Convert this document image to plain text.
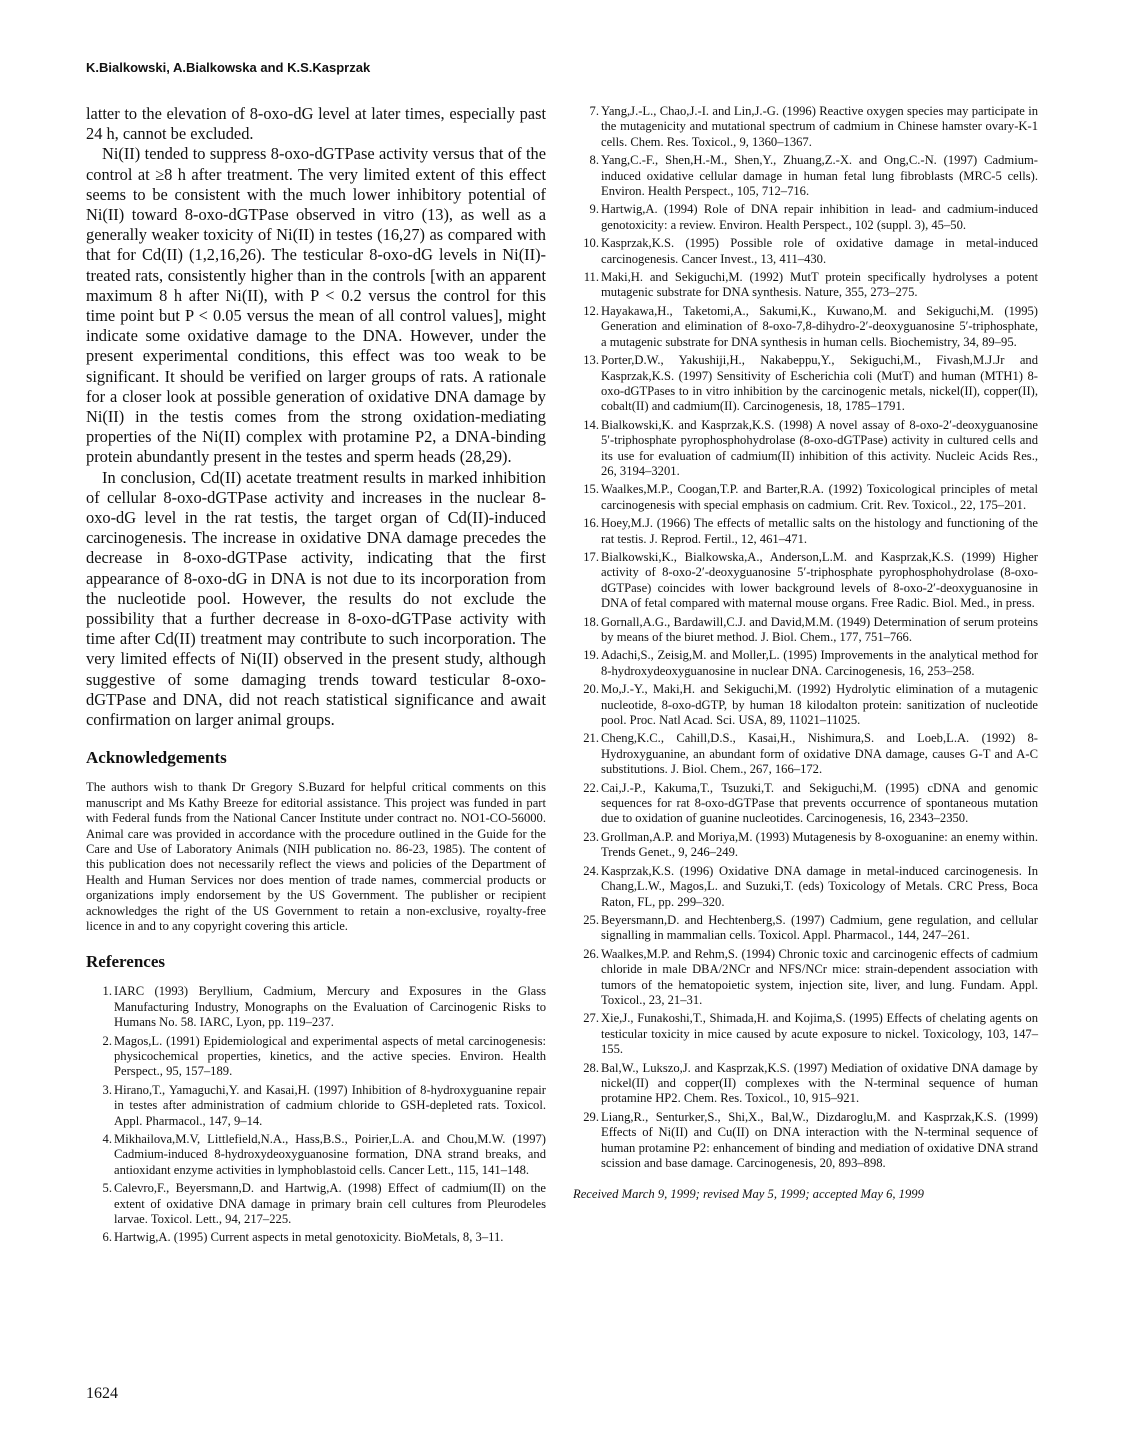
K.Bialkowski, A.Bialkowska and K.S.Kasprzak

latter to the elevation of 8-oxo-dG level at later times, especially past 24 h, cannot be excluded.

Ni(II) tended to suppress 8-oxo-dGTPase activity versus that of the control at ≥8 h after treatment. The very limited extent of this effect seems to be consistent with the much lower inhibitory potential of Ni(II) toward 8-oxo-dGTPase observed in vitro (13), as well as a generally weaker toxicity of Ni(II) in testes (16,27) as compared with that for Cd(II) (1,2,16,26). The testicular 8-oxo-dG levels in Ni(II)-treated rats, consistently higher than in the controls [with an apparent maximum 8 h after Ni(II), with P < 0.2 versus the control for this time point but P < 0.05 versus the mean of all control values], might indicate some oxidative damage to the DNA. However, under the present experimental conditions, this effect was too weak to be significant. It should be verified on larger groups of rats. A rationale for a closer look at possible generation of oxidative DNA damage by Ni(II) in the testis comes from the strong oxidation-mediating properties of the Ni(II) complex with protamine P2, a DNA-binding protein abundantly present in the testes and sperm heads (28,29).

In conclusion, Cd(II) acetate treatment results in marked inhibition of cellular 8-oxo-dGTPase activity and increases in the nuclear 8-oxo-dG level in the rat testis, the target organ of Cd(II)-induced carcinogenesis. The increase in oxidative DNA damage precedes the decrease in 8-oxo-dGTPase activity, indicating that the first appearance of 8-oxo-dG in DNA is not due to its incorporation from the nucleotide pool. However, the results do not exclude the possibility that a further decrease in 8-oxo-dGTPase activity with time after Cd(II) treatment may contribute to such incorporation. The very limited effects of Ni(II) observed in the present study, although suggestive of some damaging trends toward testicular 8-oxo-dGTPase and DNA, did not reach statistical significance and await confirmation on larger animal groups.

Acknowledgements

The authors wish to thank Dr Gregory S.Buzard for helpful critical comments on this manuscript and Ms Kathy Breeze for editorial assistance. This project was funded in part with Federal funds from the National Cancer Institute under contract no. NO1-CO-56000. Animal care was provided in accordance with the procedure outlined in the Guide for the Care and Use of Laboratory Animals (NIH publication no. 86-23, 1985). The content of this publication does not necessarily reflect the views and policies of the Department of Health and Human Services nor does mention of trade names, commercial products or organizations imply endorsement by the US Government. The publisher or recipient acknowledges the right of the US Government to retain a non-exclusive, royalty-free licence in and to any copyright covering this article.

References
1. IARC (1993) Beryllium, Cadmium, Mercury and Exposures in the Glass Manufacturing Industry, Monographs on the Evaluation of Carcinogenic Risks to Humans No. 58. IARC, Lyon, pp. 119–237.
2. Magos,L. (1991) Epidemiological and experimental aspects of metal carcinogenesis: physicochemical properties, kinetics, and the active species. Environ. Health Perspect., 95, 157–189.
3. Hirano,T., Yamaguchi,Y. and Kasai,H. (1997) Inhibition of 8-hydroxyguanine repair in testes after administration of cadmium chloride to GSH-depleted rats. Toxicol. Appl. Pharmacol., 147, 9–14.
4. Mikhailova,M.V, Littlefield,N.A., Hass,B.S., Poirier,L.A. and Chou,M.W. (1997) Cadmium-induced 8-hydroxydeoxyguanosine formation, DNA strand breaks, and antioxidant enzyme activities in lymphoblastoid cells. Cancer Lett., 115, 141–148.
5. Calevro,F., Beyersmann,D. and Hartwig,A. (1998) Effect of cadmium(II) on the extent of oxidative DNA damage in primary brain cell cultures from Pleurodeles larvae. Toxicol. Lett., 94, 217–225.
6. Hartwig,A. (1995) Current aspects in metal genotoxicity. BioMetals, 8, 3–11.
7. Yang,J.-L., Chao,J.-I. and Lin,J.-G. (1996) Reactive oxygen species may participate in the mutagenicity and mutational spectrum of cadmium in Chinese hamster ovary-K-1 cells. Chem. Res. Toxicol., 9, 1360–1367.
8. Yang,C.-F., Shen,H.-M., Shen,Y., Zhuang,Z.-X. and Ong,C.-N. (1997) Cadmium-induced oxidative cellular damage in human fetal lung fibroblasts (MRC-5 cells). Environ. Health Perspect., 105, 712–716.
9. Hartwig,A. (1994) Role of DNA repair inhibition in lead- and cadmium-induced genotoxicity: a review. Environ. Health Perspect., 102 (suppl. 3), 45–50.
10. Kasprzak,K.S. (1995) Possible role of oxidative damage in metal-induced carcinogenesis. Cancer Invest., 13, 411–430.
11. Maki,H. and Sekiguchi,M. (1992) MutT protein specifically hydrolyses a potent mutagenic substrate for DNA synthesis. Nature, 355, 273–275.
12. Hayakawa,H., Taketomi,A., Sakumi,K., Kuwano,M. and Sekiguchi,M. (1995) Generation and elimination of 8-oxo-7,8-dihydro-2′-deoxyguanosine 5′-triphosphate, a mutagenic substrate for DNA synthesis in human cells. Biochemistry, 34, 89–95.
13. Porter,D.W., Yakushiji,H., Nakabeppu,Y., Sekiguchi,M., Fivash,M.J.Jr and Kasprzak,K.S. (1997) Sensitivity of Escherichia coli (MutT) and human (MTH1) 8-oxo-dGTPases to in vitro inhibition by the carcinogenic metals, nickel(II), copper(II), cobalt(II) and cadmium(II). Carcinogenesis, 18, 1785–1791.
14. Bialkowski,K. and Kasprzak,K.S. (1998) A novel assay of 8-oxo-2′-deoxyguanosine 5′-triphosphate pyrophosphohydrolase (8-oxo-dGTPase) activity in cultured cells and its use for evaluation of cadmium(II) inhibition of this activity. Nucleic Acids Res., 26, 3194–3201.
15. Waalkes,M.P., Coogan,T.P. and Barter,R.A. (1992) Toxicological principles of metal carcinogenesis with special emphasis on cadmium. Crit. Rev. Toxicol., 22, 175–201.
16. Hoey,M.J. (1966) The effects of metallic salts on the histology and functioning of the rat testis. J. Reprod. Fertil., 12, 461–471.
17. Bialkowski,K., Bialkowska,A., Anderson,L.M. and Kasprzak,K.S. (1999) Higher activity of 8-oxo-2′-deoxyguanosine 5′-triphosphate pyrophosphohydrolase (8-oxo-dGTPase) coincides with lower background levels of 8-oxo-2′-deoxyguanosine in DNA of fetal compared with maternal mouse organs. Free Radic. Biol. Med., in press.
18. Gornall,A.G., Bardawill,C.J. and David,M.M. (1949) Determination of serum proteins by means of the biuret method. J. Biol. Chem., 177, 751–766.
19. Adachi,S., Zeisig,M. and Moller,L. (1995) Improvements in the analytical method for 8-hydroxydeoxyguanosine in nuclear DNA. Carcinogenesis, 16, 253–258.
20. Mo,J.-Y., Maki,H. and Sekiguchi,M. (1992) Hydrolytic elimination of a mutagenic nucleotide, 8-oxo-dGTP, by human 18 kilodalton protein: sanitization of nucleotide pool. Proc. Natl Acad. Sci. USA, 89, 11021–11025.
21. Cheng,K.C., Cahill,D.S., Kasai,H., Nishimura,S. and Loeb,L.A. (1992) 8-Hydroxyguanine, an abundant form of oxidative DNA damage, causes G-T and A-C substitutions. J. Biol. Chem., 267, 166–172.
22. Cai,J.-P., Kakuma,T., Tsuzuki,T. and Sekiguchi,M. (1995) cDNA and genomic sequences for rat 8-oxo-dGTPase that prevents occurrence of spontaneous mutation due to oxidation of guanine nucleotides. Carcinogenesis, 16, 2343–2350.
23. Grollman,A.P. and Moriya,M. (1993) Mutagenesis by 8-oxoguanine: an enemy within. Trends Genet., 9, 246–249.
24. Kasprzak,K.S. (1996) Oxidative DNA damage in metal-induced carcinogenesis. In Chang,L.W., Magos,L. and Suzuki,T. (eds) Toxicology of Metals. CRC Press, Boca Raton, FL, pp. 299–320.
25. Beyersmann,D. and Hechtenberg,S. (1997) Cadmium, gene regulation, and cellular signalling in mammalian cells. Toxicol. Appl. Pharmacol., 144, 247–261.
26. Waalkes,M.P. and Rehm,S. (1994) Chronic toxic and carcinogenic effects of cadmium chloride in male DBA/2NCr and NFS/NCr mice: strain-dependent association with tumors of the hematopoietic system, injection site, liver, and lung. Fundam. Appl. Toxicol., 23, 21–31.
27. Xie,J., Funakoshi,T., Shimada,H. and Kojima,S. (1995) Effects of chelating agents on testicular toxicity in mice caused by acute exposure to nickel. Toxicology, 103, 147–155.
28. Bal,W., Lukszo,J. and Kasprzak,K.S. (1997) Mediation of oxidative DNA damage by nickel(II) and copper(II) complexes with the N-terminal sequence of human protamine HP2. Chem. Res. Toxicol., 10, 915–921.
29. Liang,R., Senturker,S., Shi,X., Bal,W., Dizdaroglu,M. and Kasprzak,K.S. (1999) Effects of Ni(II) and Cu(II) on DNA interaction with the N-terminal sequence of human protamine P2: enhancement of binding and mediation of oxidative DNA strand scission and base damage. Carcinogenesis, 20, 893–898.
Received March 9, 1999; revised May 5, 1999; accepted May 6, 1999
1624
